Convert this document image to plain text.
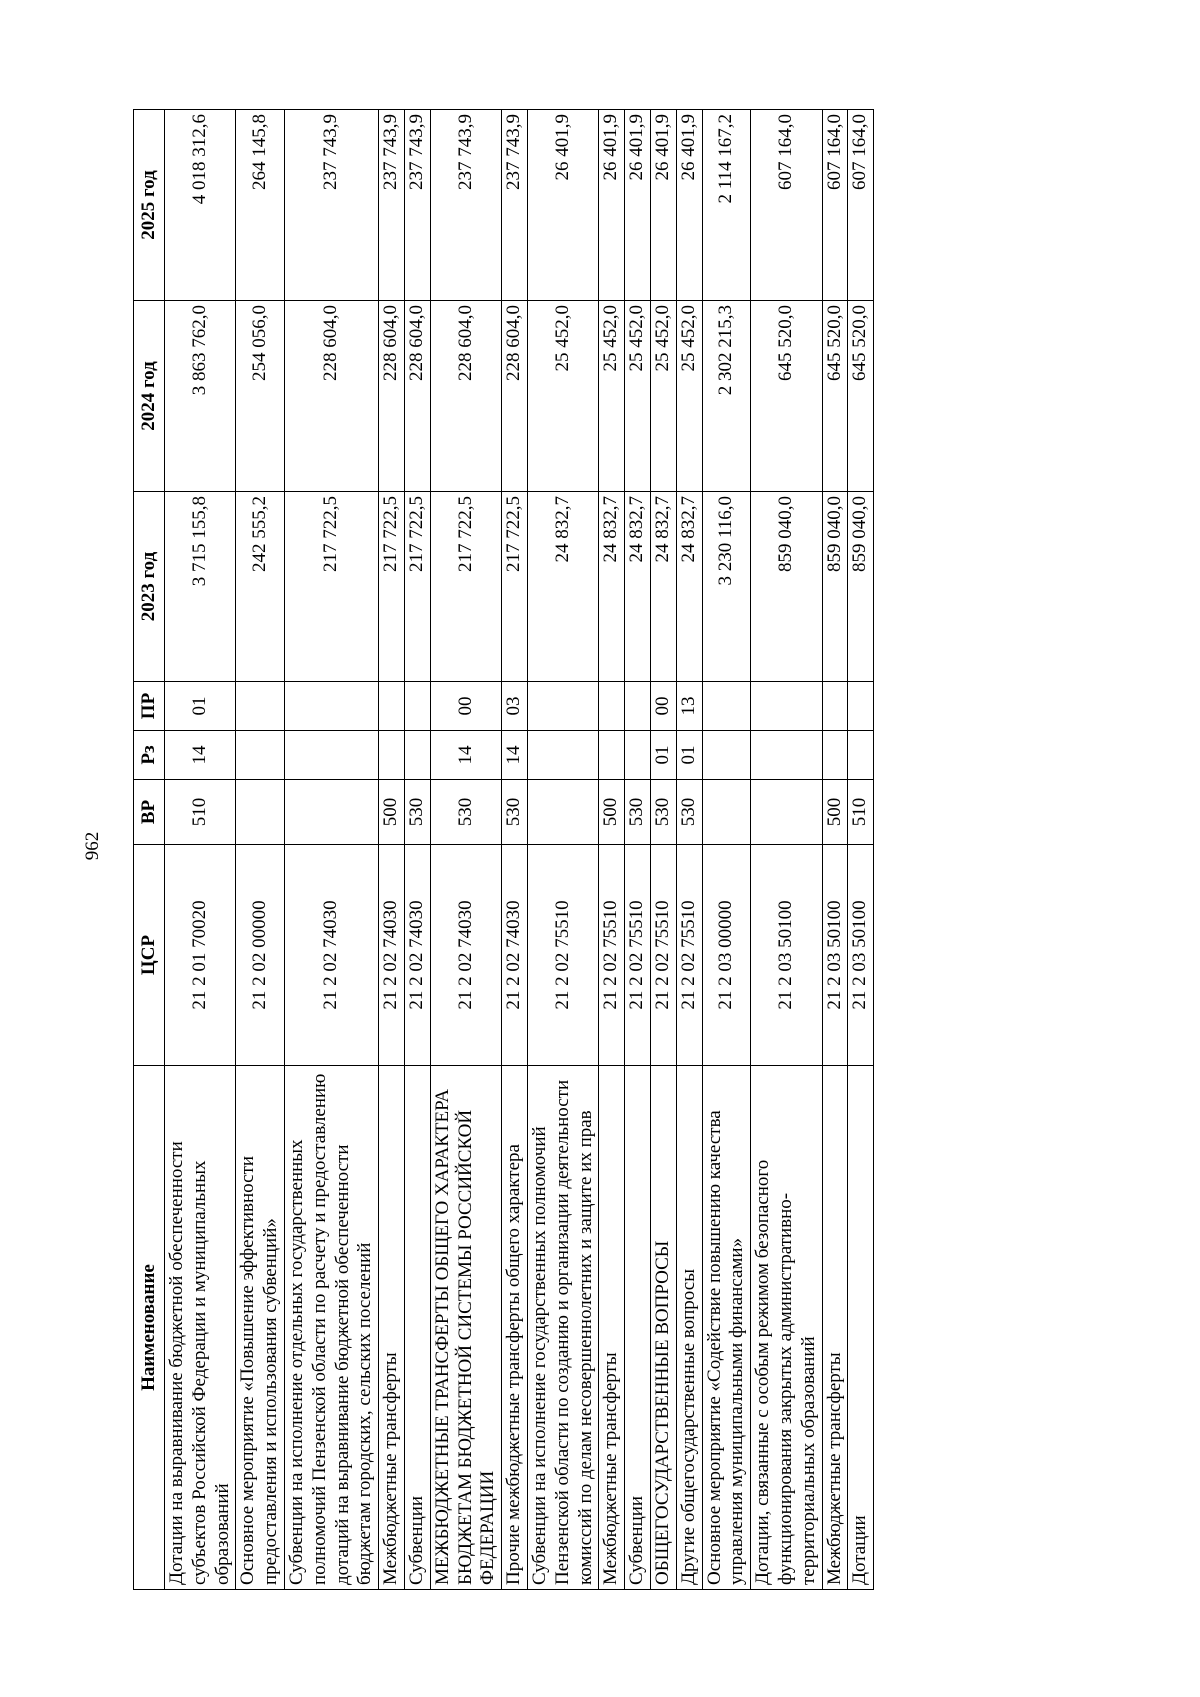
962
Наименование	ЦСР	ВР	Рз	ПР	2023 год	2024 год	2025 год
Дотации на выравнивание бюджетной обеспеченности субъектов Российской Федерации и муниципальных образований	21 2 01 70020	510	14	01	3 715 155,8	3 863 762,0	4 018 312,6
Основное мероприятие «Повышение эффективности предоставления и использования субвенций»	21 2 02 00000				242 555,2	254 056,0	264 145,8
Субвенции на исполнение отдельных государственных полномочий Пензенской области по расчету и предоставлению дотаций на выравнивание бюджетной обеспеченности бюджетам городских, сельских поселений	21 2 02 74030				217 722,5	228 604,0	237 743,9
Межбюджетные трансферты	21 2 02 74030	500			217 722,5	228 604,0	237 743,9
Субвенции	21 2 02 74030	530			217 722,5	228 604,0	237 743,9
МЕЖБЮДЖЕТНЫЕ ТРАНСФЕРТЫ ОБЩЕГО ХАРАКТЕРА БЮДЖЕТАМ БЮДЖЕТНОЙ СИСТЕМЫ РОССИЙСКОЙ ФЕДЕРАЦИИ	21 2 02 74030	530	14	00	217 722,5	228 604,0	237 743,9
Прочие межбюджетные трансферты общего характера	21 2 02 74030	530	14	03	217 722,5	228 604,0	237 743,9
Субвенции на исполнение государственных полномочий Пензенской области по созданию и организации деятельности комиссий по делам несовершеннолетних и защите их прав	21 2 02 75510				24 832,7	25 452,0	26 401,9
Межбюджетные трансферты	21 2 02 75510	500			24 832,7	25 452,0	26 401,9
Субвенции	21 2 02 75510	530			24 832,7	25 452,0	26 401,9
ОБЩЕГОСУДАРСТВЕННЫЕ ВОПРОСЫ	21 2 02 75510	530	01	00	24 832,7	25 452,0	26 401,9
Другие общегосударственные вопросы	21 2 02 75510	530	01	13	24 832,7	25 452,0	26 401,9
Основное мероприятие «Содействие повышению качества управления муниципальными финансами»	21 2 03 00000				3 230 116,0	2 302 215,3	2 114 167,2
Дотации, связанные с особым режимом безопасного функционирования закрытых административно-территориальных образований	21 2 03 50100				859 040,0	645 520,0	607 164,0
Межбюджетные трансферты	21 2 03 50100	500			859 040,0	645 520,0	607 164,0
Дотации	21 2 03 50100	510			859 040,0	645 520,0	607 164,0
